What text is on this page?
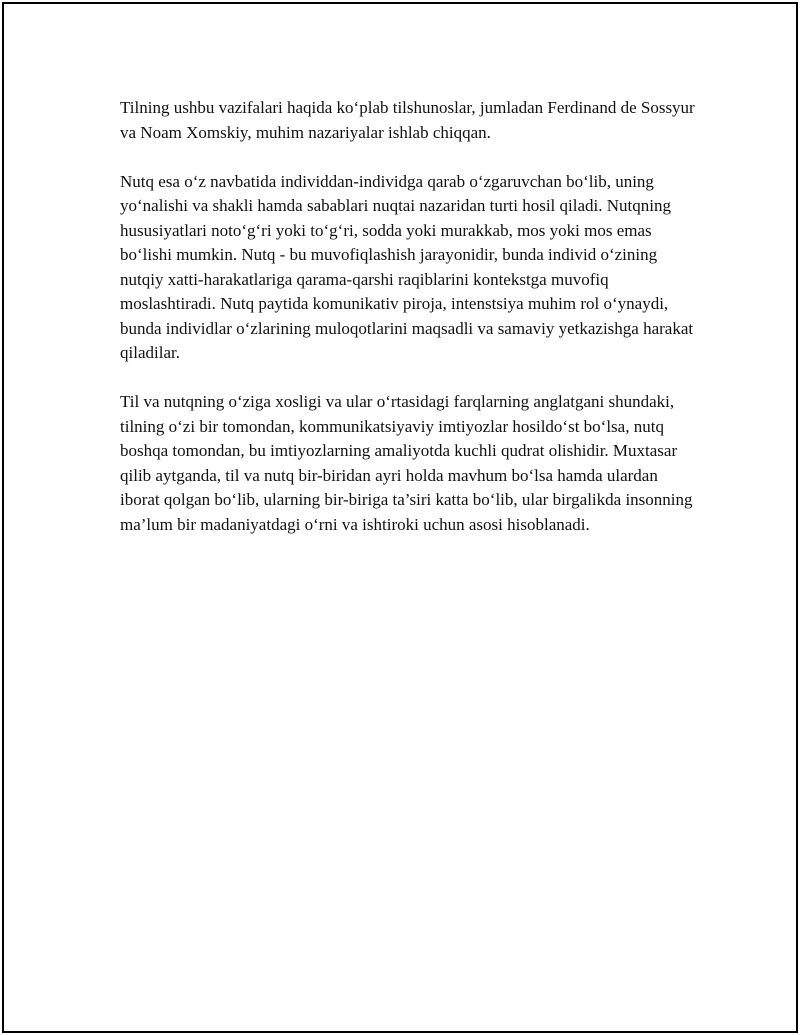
Tilning ushbu vazifalari haqida ko‘plab tilshunoslar, jumladan Ferdinand de Sossyur va Noam Xomskiy, muhim nazariyalar ishlab chiqqan.

Nutq esa o‘z navbatida individdan-individga qarab o‘zgaruvchan bo‘lib, uning yo‘nalishi va shakli hamda sabablari nuqtai nazaridan turti hosil qiladi. Nutqning hususiyatlari noto‘g‘ri yoki to‘g‘ri, sodda yoki murakkab, mos yoki mos emas bo‘lishi mumkin. Nutq - bu muvofiqlashish jarayonidir, bunda individ o‘zining nutqiy xatti-harakatlariga qarama-qarshi raqiblarini kontekstga muvofiq moslashtiradi. Nutq paytida komunikativ piroja, intenstsiya muhim rol o‘ynaydi, bunda individlar o‘zlarining muloqotlarini maqsadli va samaviy yetkazishga harakat qiladilar.

Til va nutqning o‘ziga xosligi va ular o‘rtasidagi farqlarning anglatgani shundaki, tilning o‘zi bir tomondan, kommunikatsiyaviy imtiyozlar hosildo‘st bo‘lsa, nutq boshqa tomondan, bu imtiyozlarning amaliyotda kuchli qudrat olishidir. Muxtasar qilib aytganda, til va nutq bir-biridan ayri holda mavhum bo‘lsa hamda ulardan iborat qolgan bo‘lib, ularning bir-biriga ta’siri katta bo‘lib, ular birgalikda insonning ma’lum bir madaniyatdagi o‘rni va ishtiroki uchun asosi hisoblanadi.
